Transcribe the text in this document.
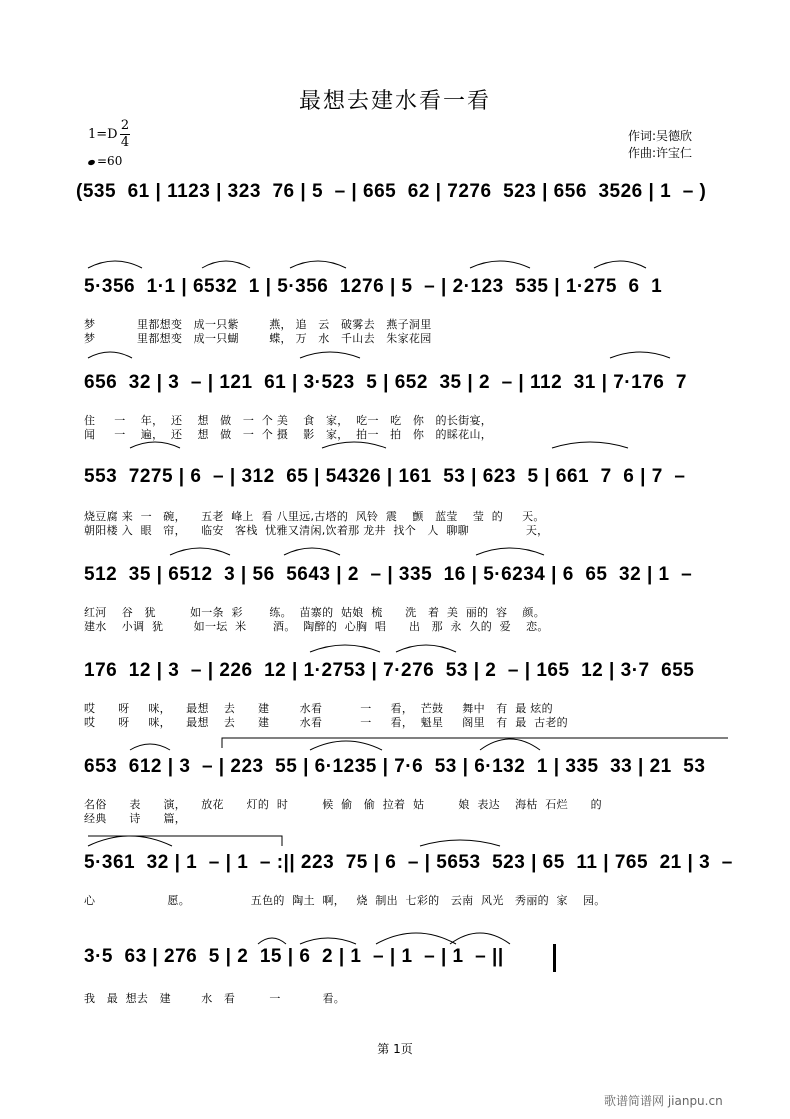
最想去建水看一看
1=D
2
4
=60
作词:吴德欣
作曲:许宝仁
(535  61 | 1123 | 323  76 | 5  – | 665  62 | 7276  523 | 656  3526 | 1  – )
5·356  1·1 | 6532  1 | 5·356  1276 | 5  – | 2·123  535 | 1·275  6  1
梦           里都想变   成一只紫        燕， 追   云   破雾去   燕子洞里
梦           里都想变   成一只蝴        蝶， 万   水   千山去   朱家花园
656  32 | 3  – | 121  61 | 3·523  5 | 652  35 | 2  – | 112  31 | 7·176  7
住     一    年，  还    想   做   一  个 美    食   家，  吃一   吃   你   的长街宴，
闻     一    遍，  还    想   做   一  个 摄    影   家，  拍一   拍   你   的睬花山，
553  7275 | 6  – | 312  65 | 54326 | 161  53 | 623  5 | 661  7  6 | 7  –
烧豆腐 来  一   碗，    五老  峰上  看 八里远,古塔的  风铃  震    颤   蓝莹    莹  的     天。
朝阳楼 入  眼   帘，    临安   客栈  忧雅又清闲,饮着那 龙井  找个   人  聊聊               天，
512  35 | 6512  3 | 56  5643 | 2  – | 335  16 | 5·6234 | 6  65  32 | 1  –
红河    谷   犹         如一条  彩       练。  苗寨的  姑娘  梳      洗   着  美  丽的  容    颜。
建水    小调  犹        如一坛  米       酒。  陶醉的  心胸  唱      出   那  永  久的  爱    恋。
176  12 | 3  – | 226  12 | 1·2753 | 7·276  53 | 2  – | 165  12 | 3·7  655
哎      呀     咪，    最想    去      建        水看          一     看，  芒鼓     舞中   有  最 炫的
哎      呀     咪，    最想    去      建        水看          一     看，  魁星     阁里   有  最  古老的
653  612 | 3  – | 223  55 | 6·1235 | 7·6  53 | 6·132  1 | 335  33 | 21  53
名俗      表      演，    放花      灯的  时         候  偷   偷  拉着  姑         娘  表达    海枯  石烂      的
经典      诗      篇，
5·361  32 | 1  – | 1  – :|| 223  75 | 6  – | 5653  523 | 65  11 | 765  21 | 3  –
心                   愿。                五色的  陶土  啊，   烧  制出  七彩的   云南  风光   秀丽的  家    园。
3·5  63 | 276  5 | 2  15 | 6  2 | 1  – | 1  – | 1  – ||
我   最  想去   建        水   看         一           看。
第 1页
歌谱简谱网 jianpu.cn
